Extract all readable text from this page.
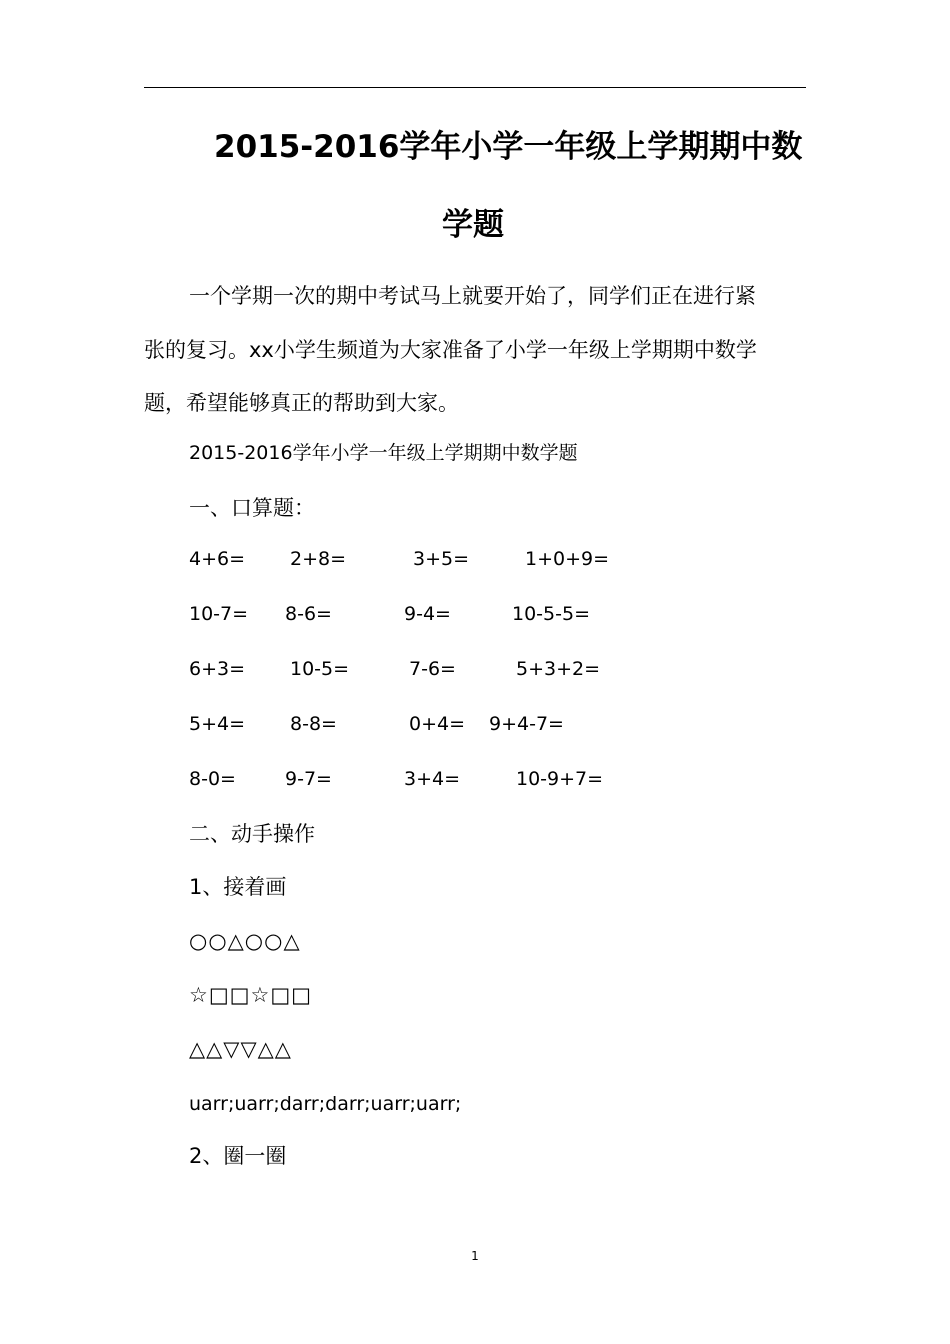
2015-2016学年小学一年级上学期期中数
学题
一个学期一次的期中考试马上就要开始了，同学们正在进行紧
张的复习。xx小学生频道为大家准备了小学一年级上学期期中数学
题，希望能够真正的帮助到大家。
2015-2016学年小学一年级上学期期中数学题
一、口算题：
4+6= 2+8=	3+5=	1+0+9=
10-7= 8-6=	9-4=	10-5-5=
6+3= 10-5=	7-6=	5+3+2=
5+4= 8-8=	0+4= 9+4-7=
8-0=	9-7=	3+4=	10-9+7=
二、动手操作
1、接着画
○○△○○△
☆□□☆□□
△△▽▽△△
uarr;uarr;darr;darr;uarr;uarr;
2、圈一圈
1
